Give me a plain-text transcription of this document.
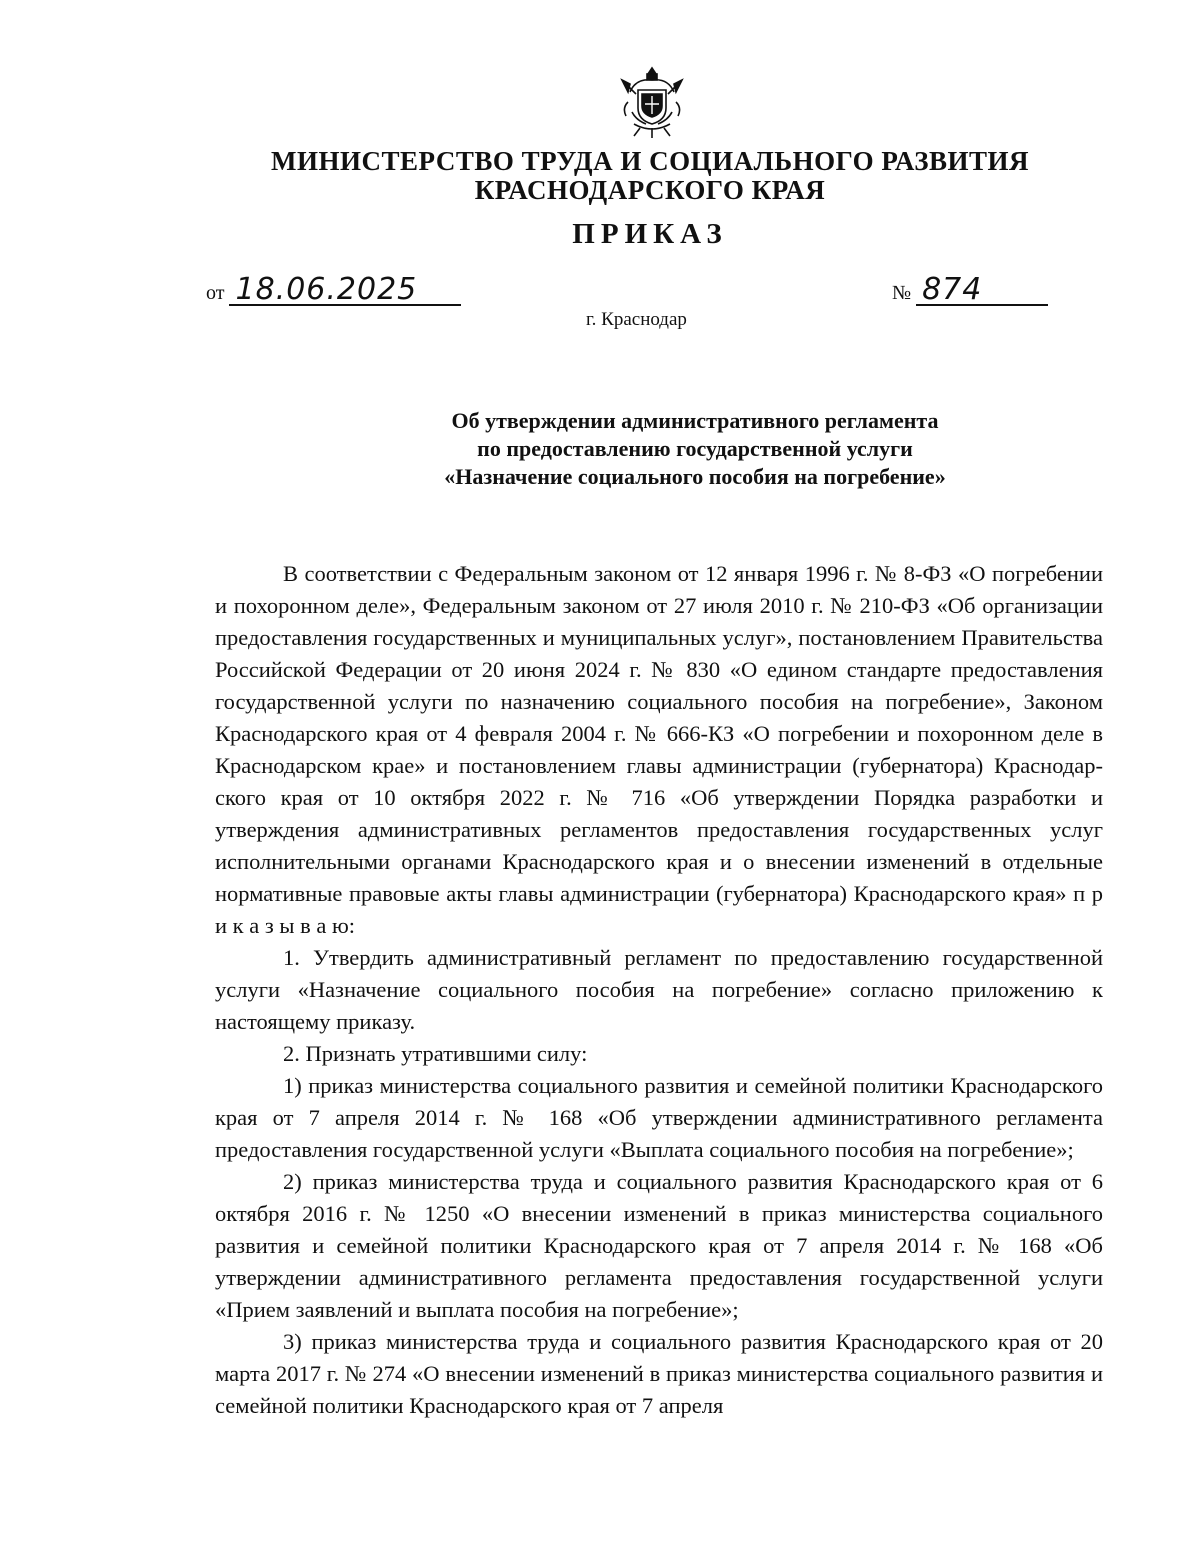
МИНИСТЕРСТВО ТРУДА И СОЦИАЛЬНОГО РАЗВИТИЯ
КРАСНОДАРСКОГО КРАЯ
ПРИКАЗ
от 18.06.2025	№ 874
г. Краснодар
Об утверждении административного регламента
по предоставлению государственной услуги
«Назначение социального пособия на погребение»

В соответствии с Федеральным законом от 12 января 1996 г. № 8-ФЗ «О погребении и похоронном деле», Федеральным законом от 27 июля 2010 г. № 210-ФЗ «Об организации предоставления государственных и муниципальных услуг», постановлением Правительства Российской Федерации от 20 июня 2024 г. № 830 «О едином стандарте предоставления государственной услуги по назначению социального пособия на погребение», Законом Краснодарского края от 4 февраля 2004 г. № 666-КЗ «О погребении и похоронном деле в Краснодарском крае» и постановлением главы администрации (губернатора) Краснодарского края от 10 октября 2022 г. № 716 «Об утверждении Порядка разработки и утверждения административных регламентов предоставления государственных услуг исполнительными органами Краснодарского края и о внесении изменений в отдельные нормативные правовые акты главы администрации (губернатора) Краснодарского края» п р и к а з ы в а ю:

1. Утвердить административный регламент по предоставлению государственной услуги «Назначение социального пособия на погребение» согласно приложению к настоящему приказу.

2. Признать утратившими силу:

1) приказ министерства социального развития и семейной политики Краснодарского края от 7 апреля 2014 г. № 168 «Об утверждении административного регламента предоставления государственной услуги «Выплата социального пособия на погребение»;

2) приказ министерства труда и социального развития Краснодарского края от 6 октября 2016 г. № 1250 «О внесении изменений в приказ министерства социального развития и семейной политики Краснодарского края от 7 апреля 2014 г. № 168 «Об утверждении административного регламента предоставления государственной услуги «Прием заявлений и выплата пособия на погребение»;

3) приказ министерства труда и социального развития Краснодарского края от 20 марта 2017 г. № 274 «О внесении изменений в приказ министерства социального развития и семейной политики Краснодарского края от 7 апреля
